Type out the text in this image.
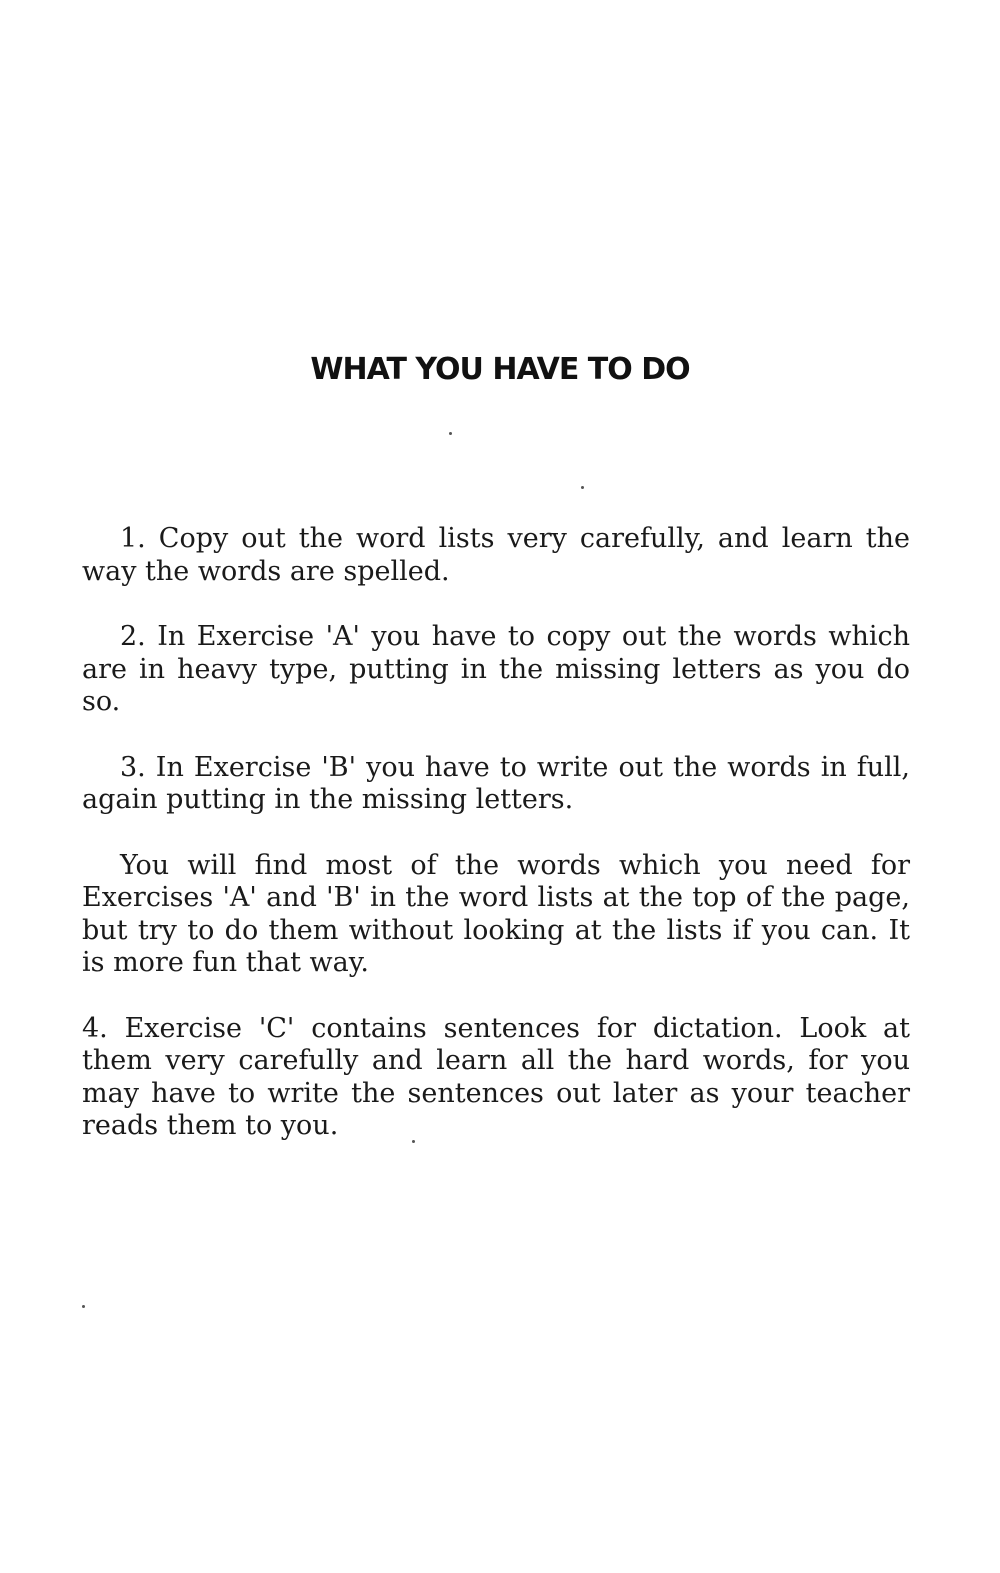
WHAT YOU HAVE TO DO

1. Copy out the word lists very carefully, and learn the way the words are spelled.

2. In Exercise 'A' you have to copy out the words which are in heavy type, putting in the missing letters as you do so.

3. In Exercise 'B' you have to write out the words in full, again putting in the missing letters.

You will find most of the words which you need for Exercises 'A' and 'B' in the word lists at the top of the page, but try to do them without looking at the lists if you can. It is more fun that way.

4. Exercise 'C' contains sentences for dictation. Look at them very carefully and learn all the hard words, for you may have to write the sentences out later as your teacher reads them to you.
